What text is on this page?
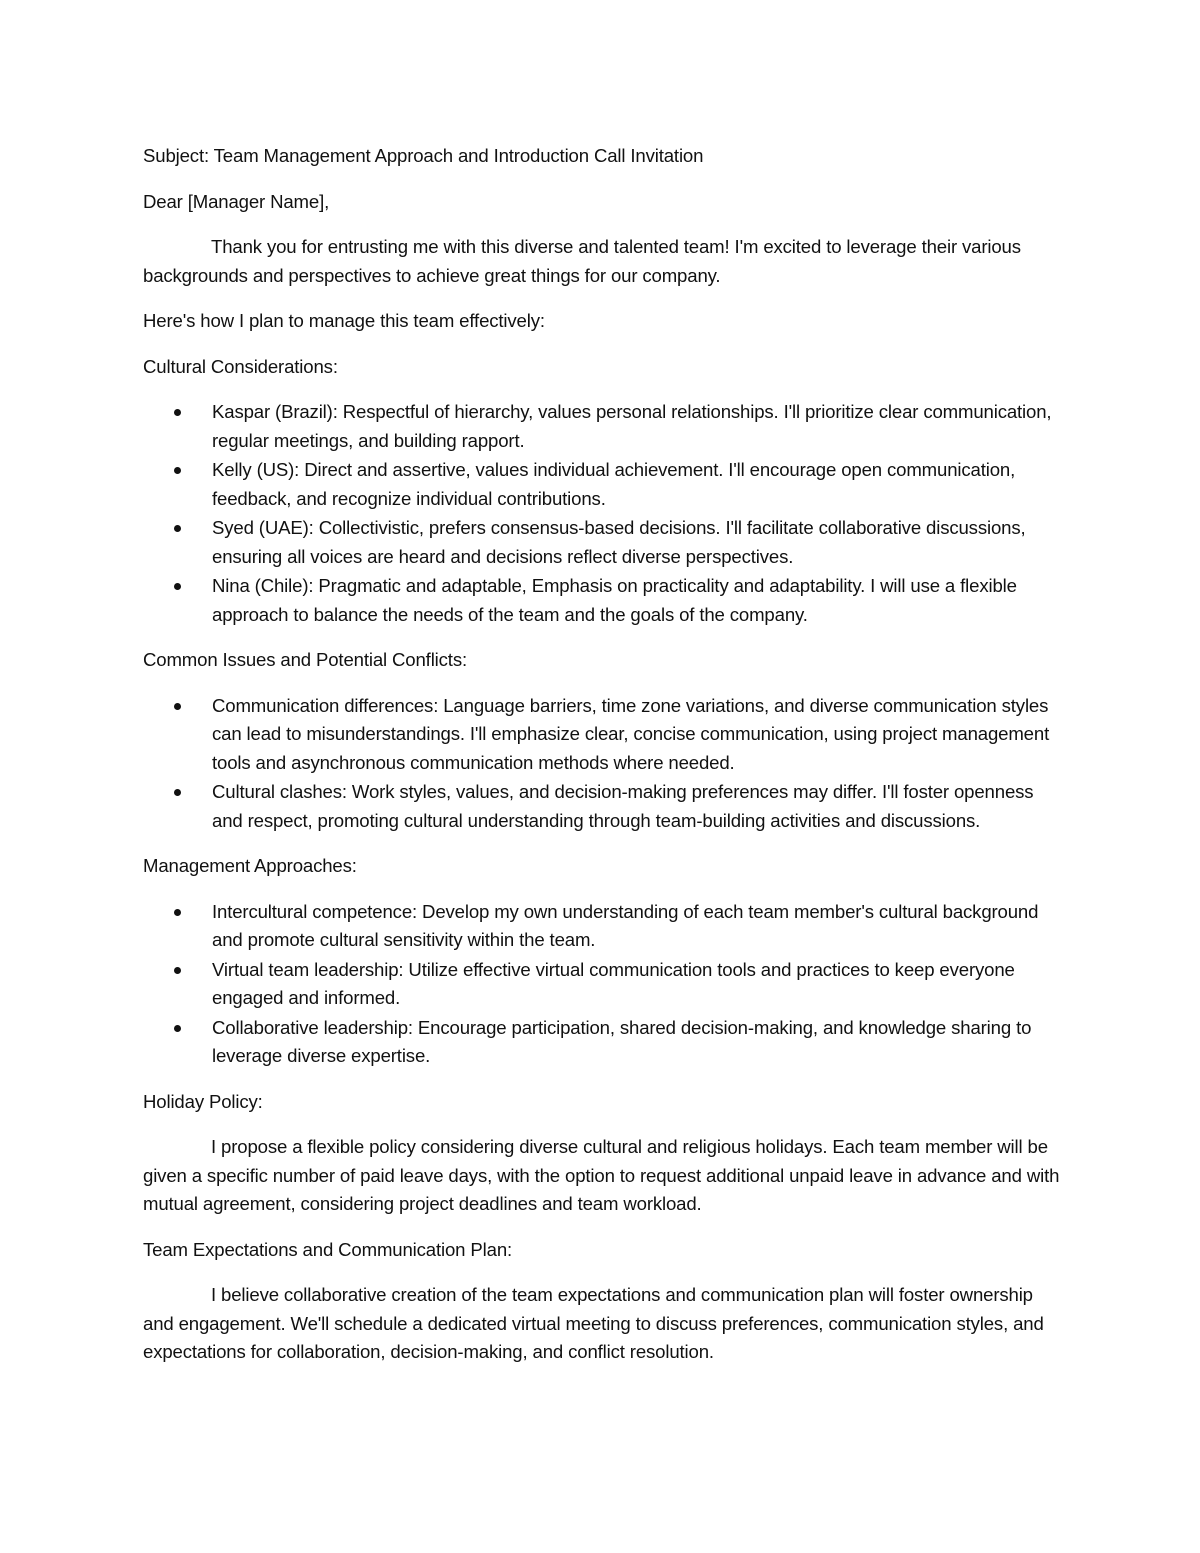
Subject: Team Management Approach and Introduction Call Invitation

Dear [Manager Name],

Thank you for entrusting me with this diverse and talented team! I'm excited to leverage their various backgrounds and perspectives to achieve great things for our company.

Here's how I plan to manage this team effectively:

Cultural Considerations:

Kaspar (Brazil): Respectful of hierarchy, values personal relationships. I'll prioritize clear communication, regular meetings, and building rapport.
Kelly (US): Direct and assertive, values individual achievement. I'll encourage open communication, feedback, and recognize individual contributions.
Syed (UAE): Collectivistic, prefers consensus-based decisions. I'll facilitate collaborative discussions, ensuring all voices are heard and decisions reflect diverse perspectives.
Nina (Chile): Pragmatic and adaptable, Emphasis on practicality and adaptability. I will use a flexible approach to balance the needs of the team and the goals of the company.

Common Issues and Potential Conflicts:

Communication differences: Language barriers, time zone variations, and diverse communication styles can lead to misunderstandings. I'll emphasize clear, concise communication, using project management tools and asynchronous communication methods where needed.
Cultural clashes: Work styles, values, and decision-making preferences may differ. I'll foster openness and respect, promoting cultural understanding through team-building activities and discussions.

Management Approaches:

Intercultural competence: Develop my own understanding of each team member's cultural background and promote cultural sensitivity within the team.
Virtual team leadership: Utilize effective virtual communication tools and practices to keep everyone engaged and informed.
Collaborative leadership: Encourage participation, shared decision-making, and knowledge sharing to leverage diverse expertise.

Holiday Policy:

I propose a flexible policy considering diverse cultural and religious holidays. Each team member will be given a specific number of paid leave days, with the option to request additional unpaid leave in advance and with mutual agreement, considering project deadlines and team workload.

Team Expectations and Communication Plan:

I believe collaborative creation of the team expectations and communication plan will foster ownership and engagement. We'll schedule a dedicated virtual meeting to discuss preferences, communication styles, and expectations for collaboration, decision-making, and conflict resolution.
